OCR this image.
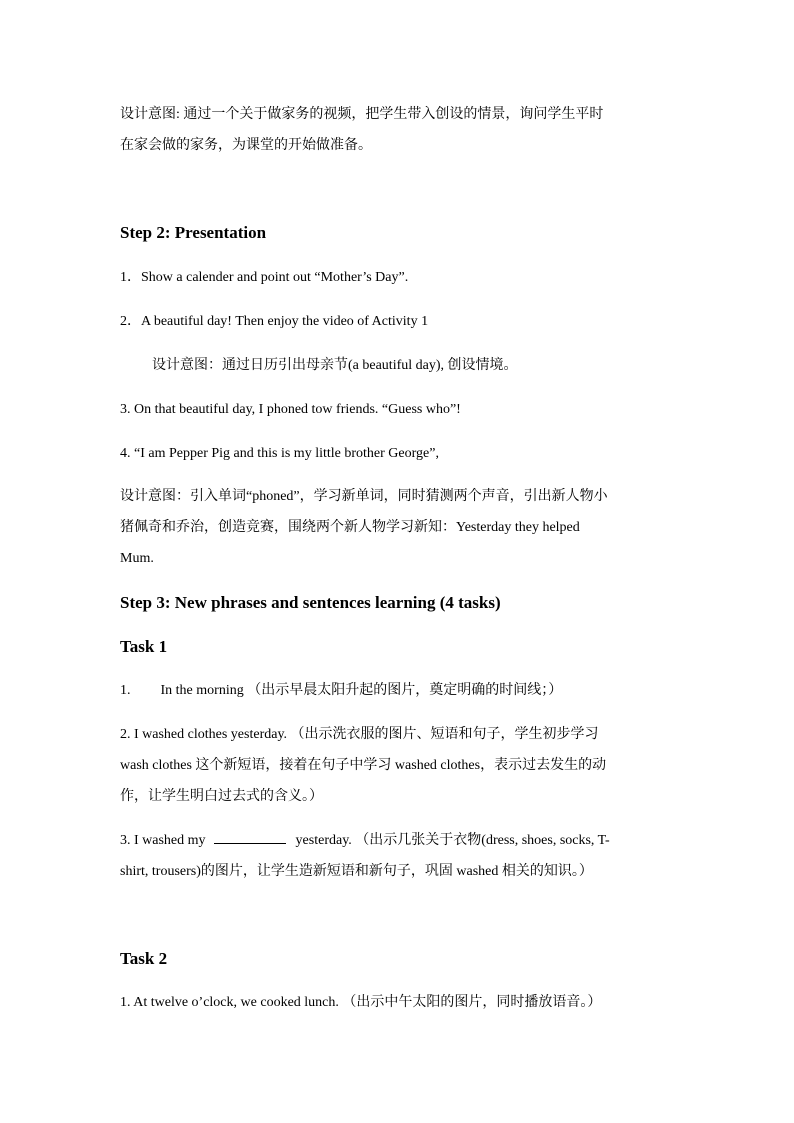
设计意图: 通过一个关于做家务的视频，把学生带入创设的情景，询问学生平时
在家会做的家务，为课堂的开始做准备。
Step 2: Presentation
1．Show a calender and point out “Mother’s Day”.
2．A beautiful day! Then enjoy the video of Activity 1
设计意图：通过日历引出母亲节(a beautiful day), 创设情境。
3. On that beautiful day, I phoned tow friends. “Guess who”!
4. “I am Pepper Pig and this is my little brother George”,
设计意图：引入单词“phoned”，学习新单词，同时猜测两个声音，引出新人物小
猪佩奇和乔治，创造竞赛，围绕两个新人物学习新知：Yesterday they helped
Mum.
Step 3: New phrases and sentences learning (4 tasks)
Task 1
1. In the morning （出示早晨太阳升起的图片，奠定明确的时间线；）
2. I washed clothes yesterday. （出示洗衣服的图片、短语和句子，学生初步学习
wash clothes 这个新短语，接着在句子中学习 washed clothes，表示过去发生的动
作，让学生明白过去式的含义。）
3. I washed my	yesterday. （出示几张关于衣物(dress, shoes, socks, T-
shirt, trousers)的图片，让学生造新短语和新句子，巩固 washed 相关的知识。）
Task 2
1. At twelve o’clock, we cooked lunch. （出示中午太阳的图片，同时播放语音。）
